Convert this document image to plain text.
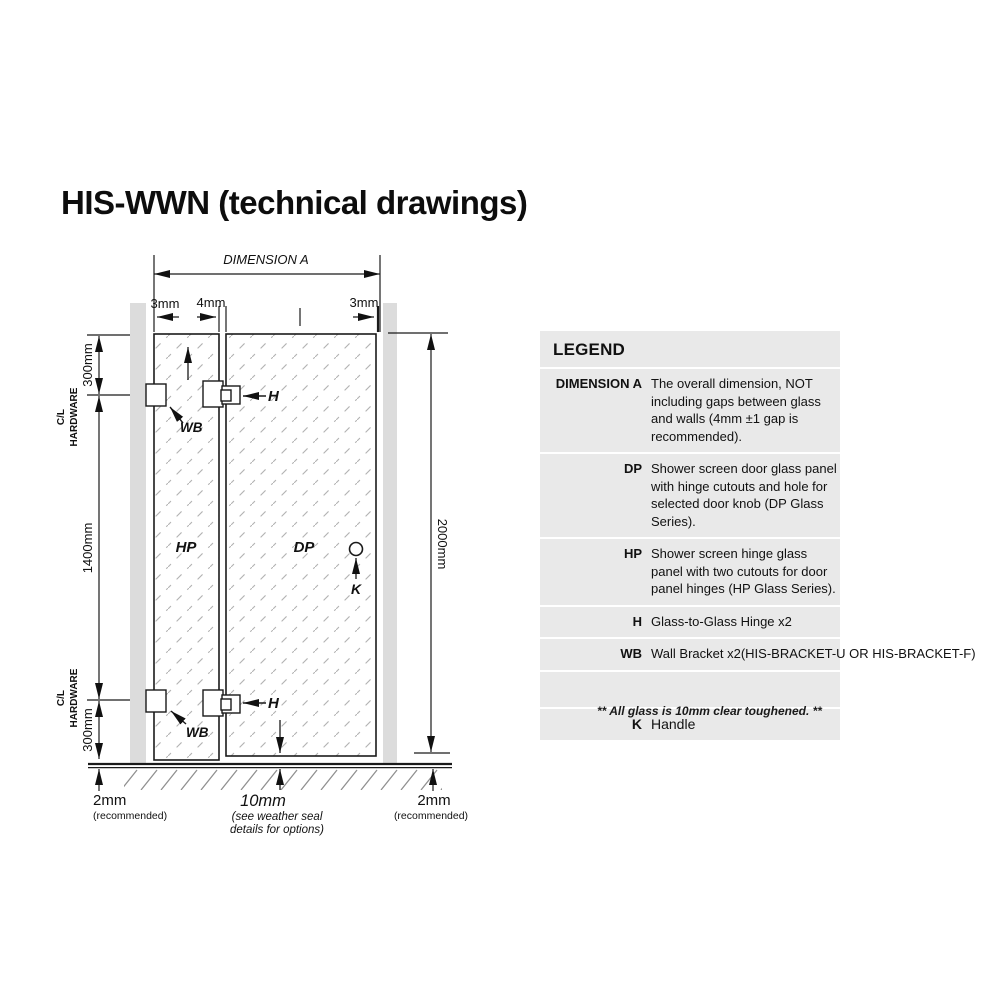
HIS-WWN (technical drawings)
DIMENSION A
3mm 4mm	3mm
300mm
1400mm
300mm
C/L HARDWARE
C/L HARDWARE
2mm
(recommended)
2000mm
2mm
(recommended)
WB
H
WB
H
HP	DP
K
10mm
(see weather seal
details for options)
LEGEND
DIMENSION A The overall dimension, NOT including gaps between glass and walls (4mm ±1 gap is recommended).
DP Shower screen door glass panel with hinge cutouts and hole for selected door knob (DP Glass Series).
HP Shower screen hinge glass panel with two cutouts for door panel hinges (HP Glass Series).
H Glass-to-Glass Hinge x2
WB Wall Bracket x2(HIS-BRACKET-U OR HIS-BRACKET-F)
K Handle
** All glass is 10mm clear toughened. **
